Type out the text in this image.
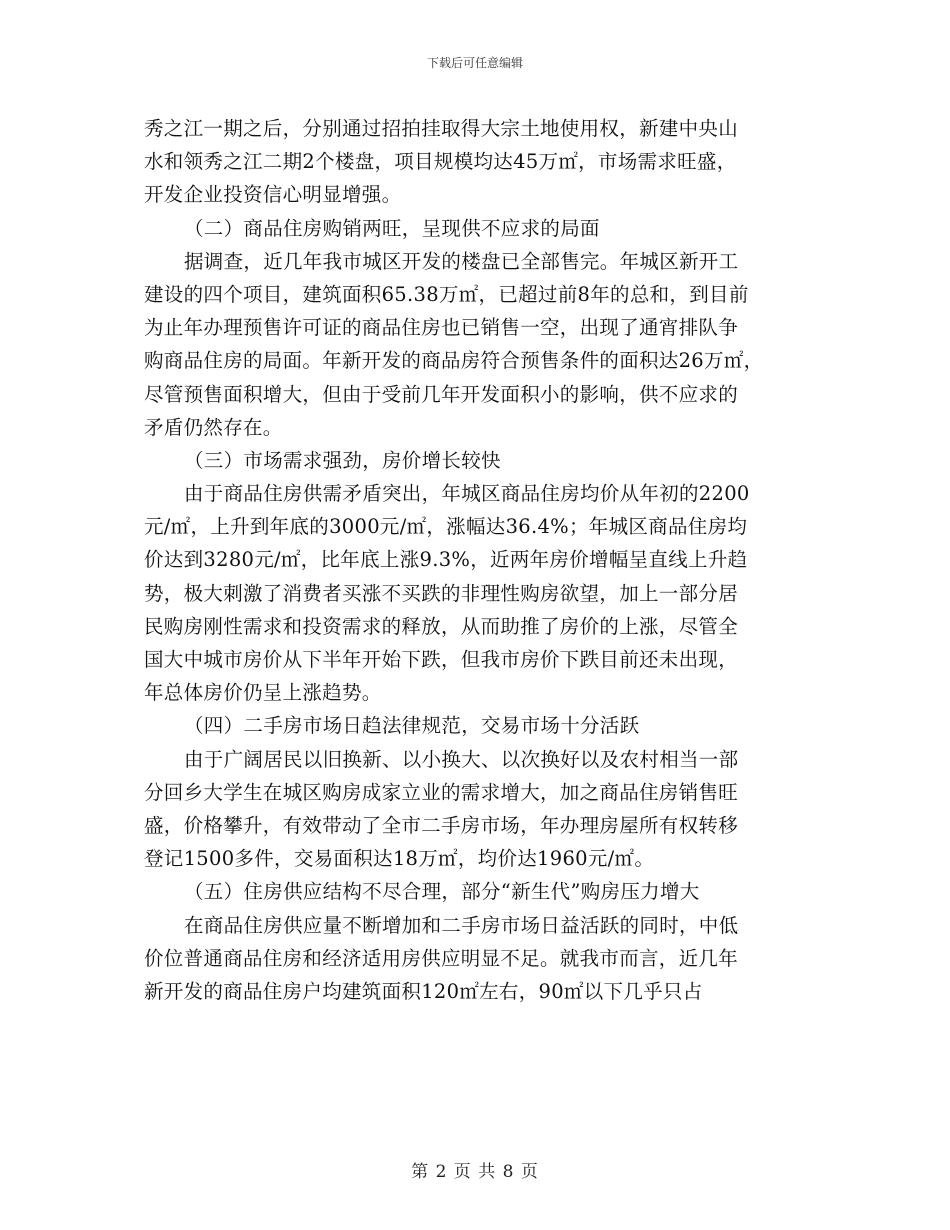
下载后可任意编辑
秀之江一期之后，分别通过招拍挂取得大宗土地使用权，新建中央山
水和领秀之江二期2个楼盘，项目规模均达45万㎡，市场需求旺盛，
开发企业投资信心明显增强。
（二）商品住房购销两旺，呈现供不应求的局面
据调查，近几年我市城区开发的楼盘已全部售完。年城区新开工
建设的四个项目，建筑面积65.38万㎡，已超过前8年的总和，到目前
为止年办理预售许可证的商品住房也已销售一空，出现了通宵排队争
购商品住房的局面。年新开发的商品房符合预售条件的面积达26万㎡，
尽管预售面积增大，但由于受前几年开发面积小的影响，供不应求的
矛盾仍然存在。
（三）市场需求强劲，房价增长较快
由于商品住房供需矛盾突出，年城区商品住房均价从年初的2200
元/㎡，上升到年底的3000元/㎡，涨幅达36.4%；年城区商品住房均
价达到3280元/㎡，比年底上涨9.3%，近两年房价增幅呈直线上升趋
势，极大刺激了消费者买涨不买跌的非理性购房欲望，加上一部分居
民购房刚性需求和投资需求的释放，从而助推了房价的上涨，尽管全
国大中城市房价从下半年开始下跌，但我市房价下跌目前还未出现，
年总体房价仍呈上涨趋势。
（四）二手房市场日趋法律规范，交易市场十分活跃
由于广阔居民以旧换新、以小换大、以次换好以及农村相当一部
分回乡大学生在城区购房成家立业的需求增大，加之商品住房销售旺
盛，价格攀升，有效带动了全市二手房市场，年办理房屋所有权转移
登记1500多件，交易面积达18万㎡，均价达1960元/㎡。
（五）住房供应结构不尽合理，部分“新生代”购房压力增大
在商品住房供应量不断增加和二手房市场日益活跃的同时，中低
价位普通商品住房和经济适用房供应明显不足。就我市而言，近几年
新开发的商品住房户均建筑面积120㎡左右，90㎡以下几乎只占
第 2 页 共 8 页
